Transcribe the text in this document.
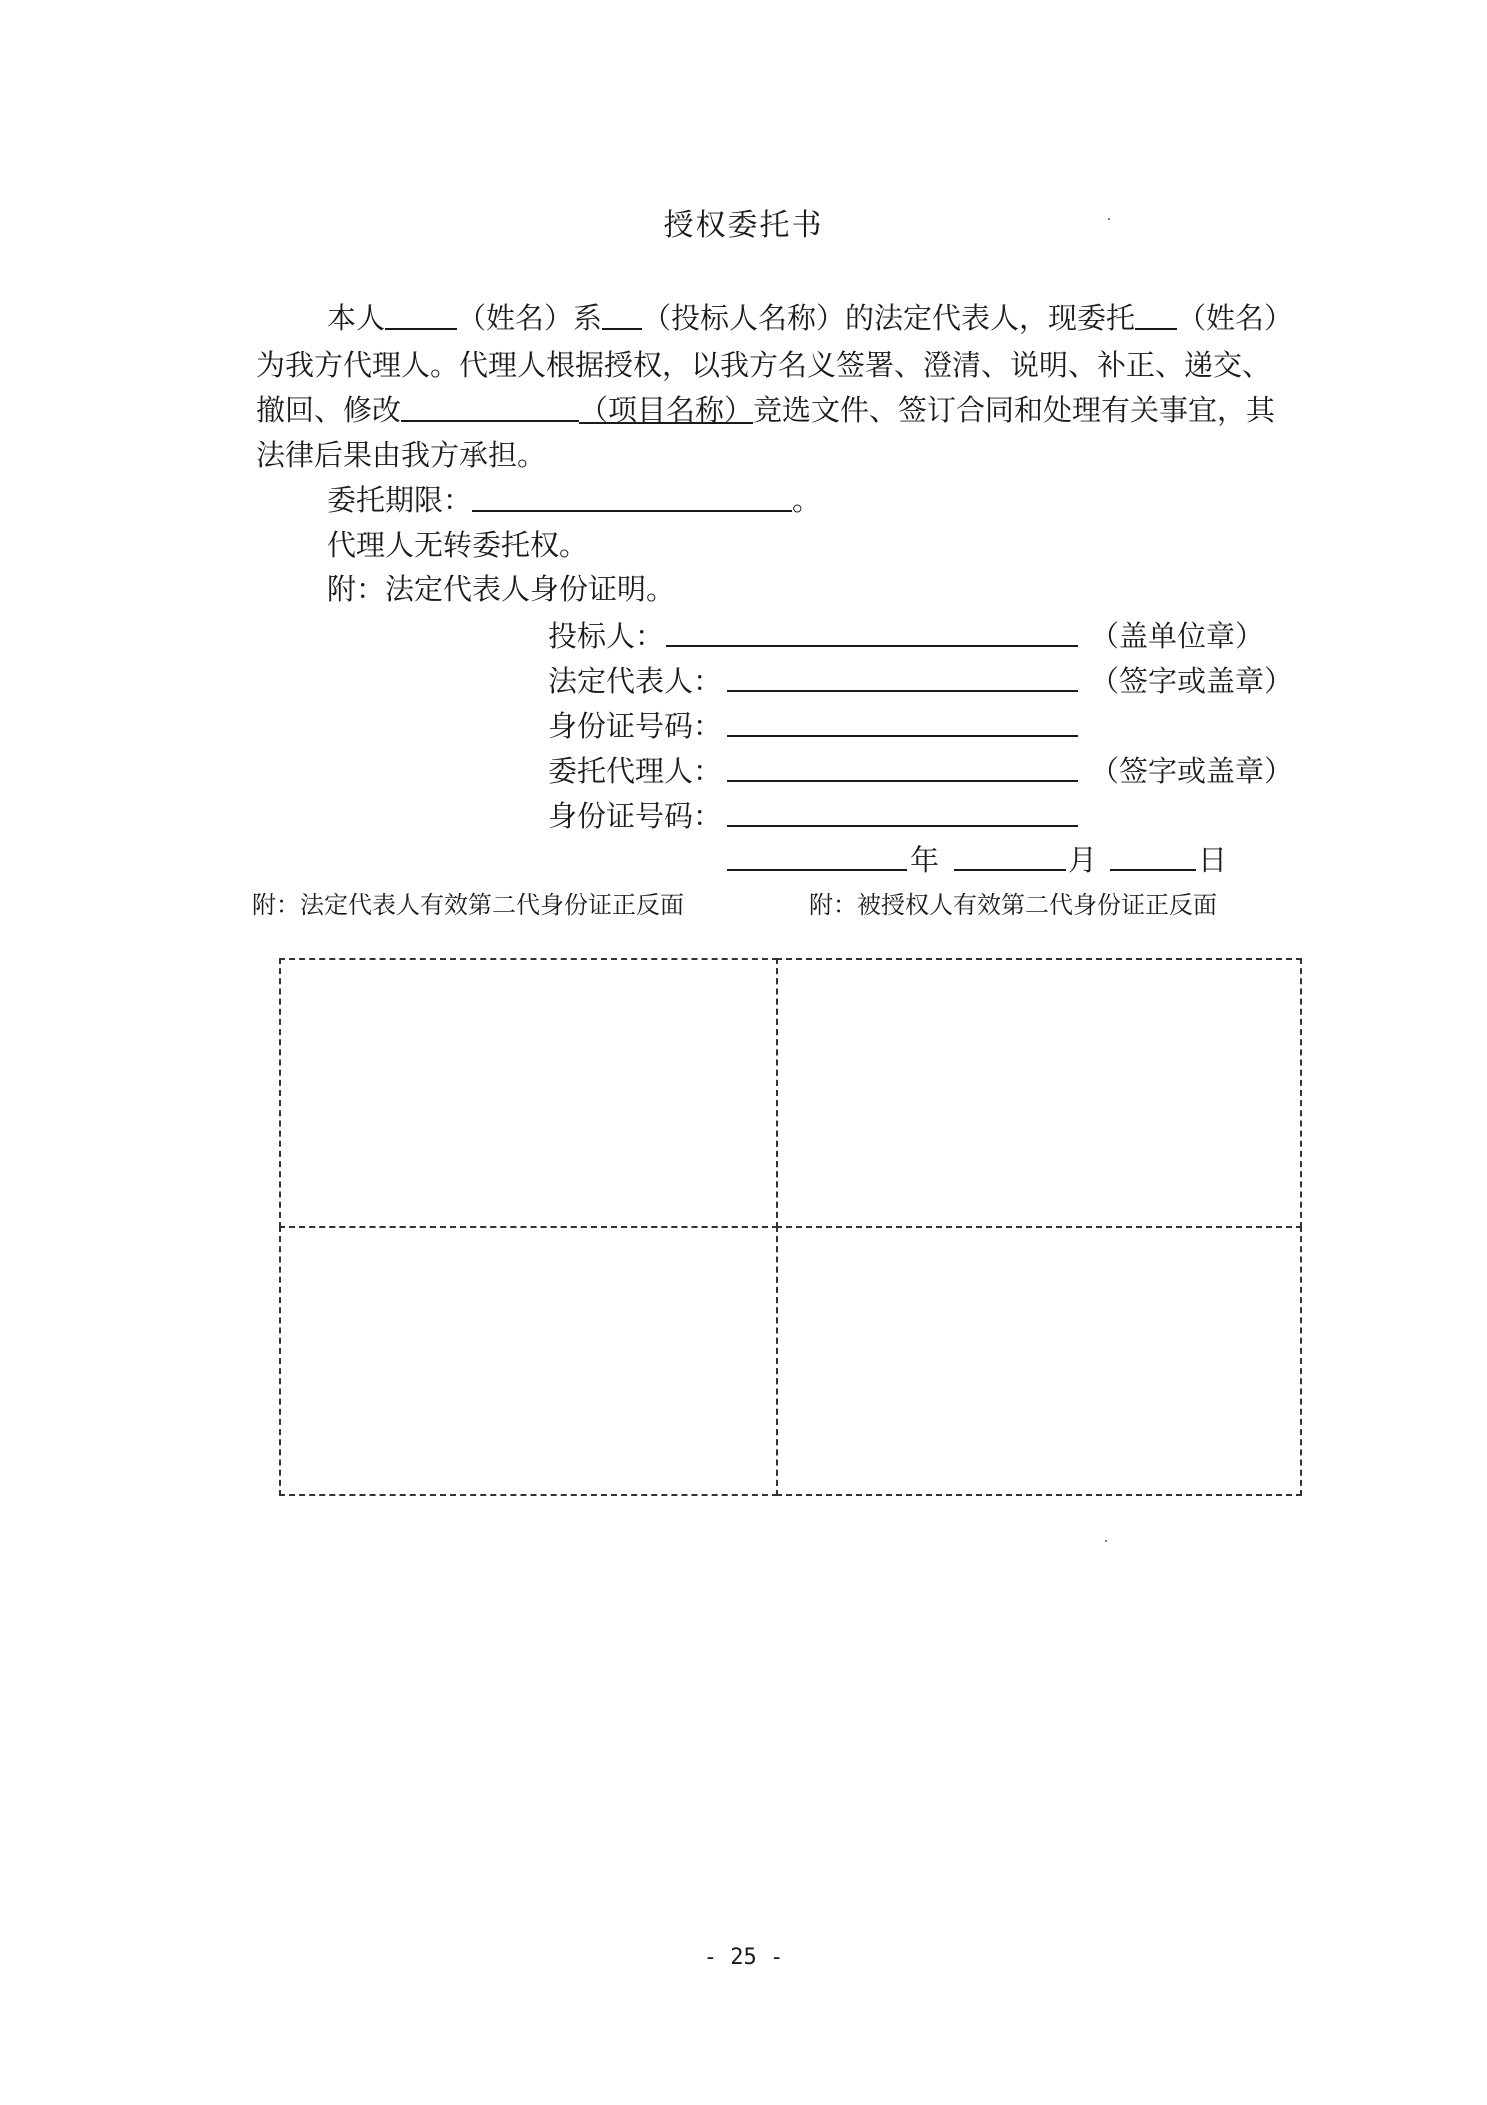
授权委托书
本人 （姓名）系 （投标人名称）的法定代表人，现委托 （姓名）
为我方代理人。代理人根据授权，以我方名义签署、澄清、说明、补正、递交、
撤回、修改	（项目名称）竞选文件、签订合同和处理有关事宜，其
法律后果由我方承担。
委托期限：	。
代理人无转委托权。
附：法定代表人身份证明。
投标人：	（盖单位章）
法定代表人：	（签字或盖章）
身份证号码：
委托代理人：	（签字或盖章）
身份证号码：
年	月	日
附：法定代表人有效第二代身份证正反面	附：被授权人有效第二代身份证正反面
- 25 -
